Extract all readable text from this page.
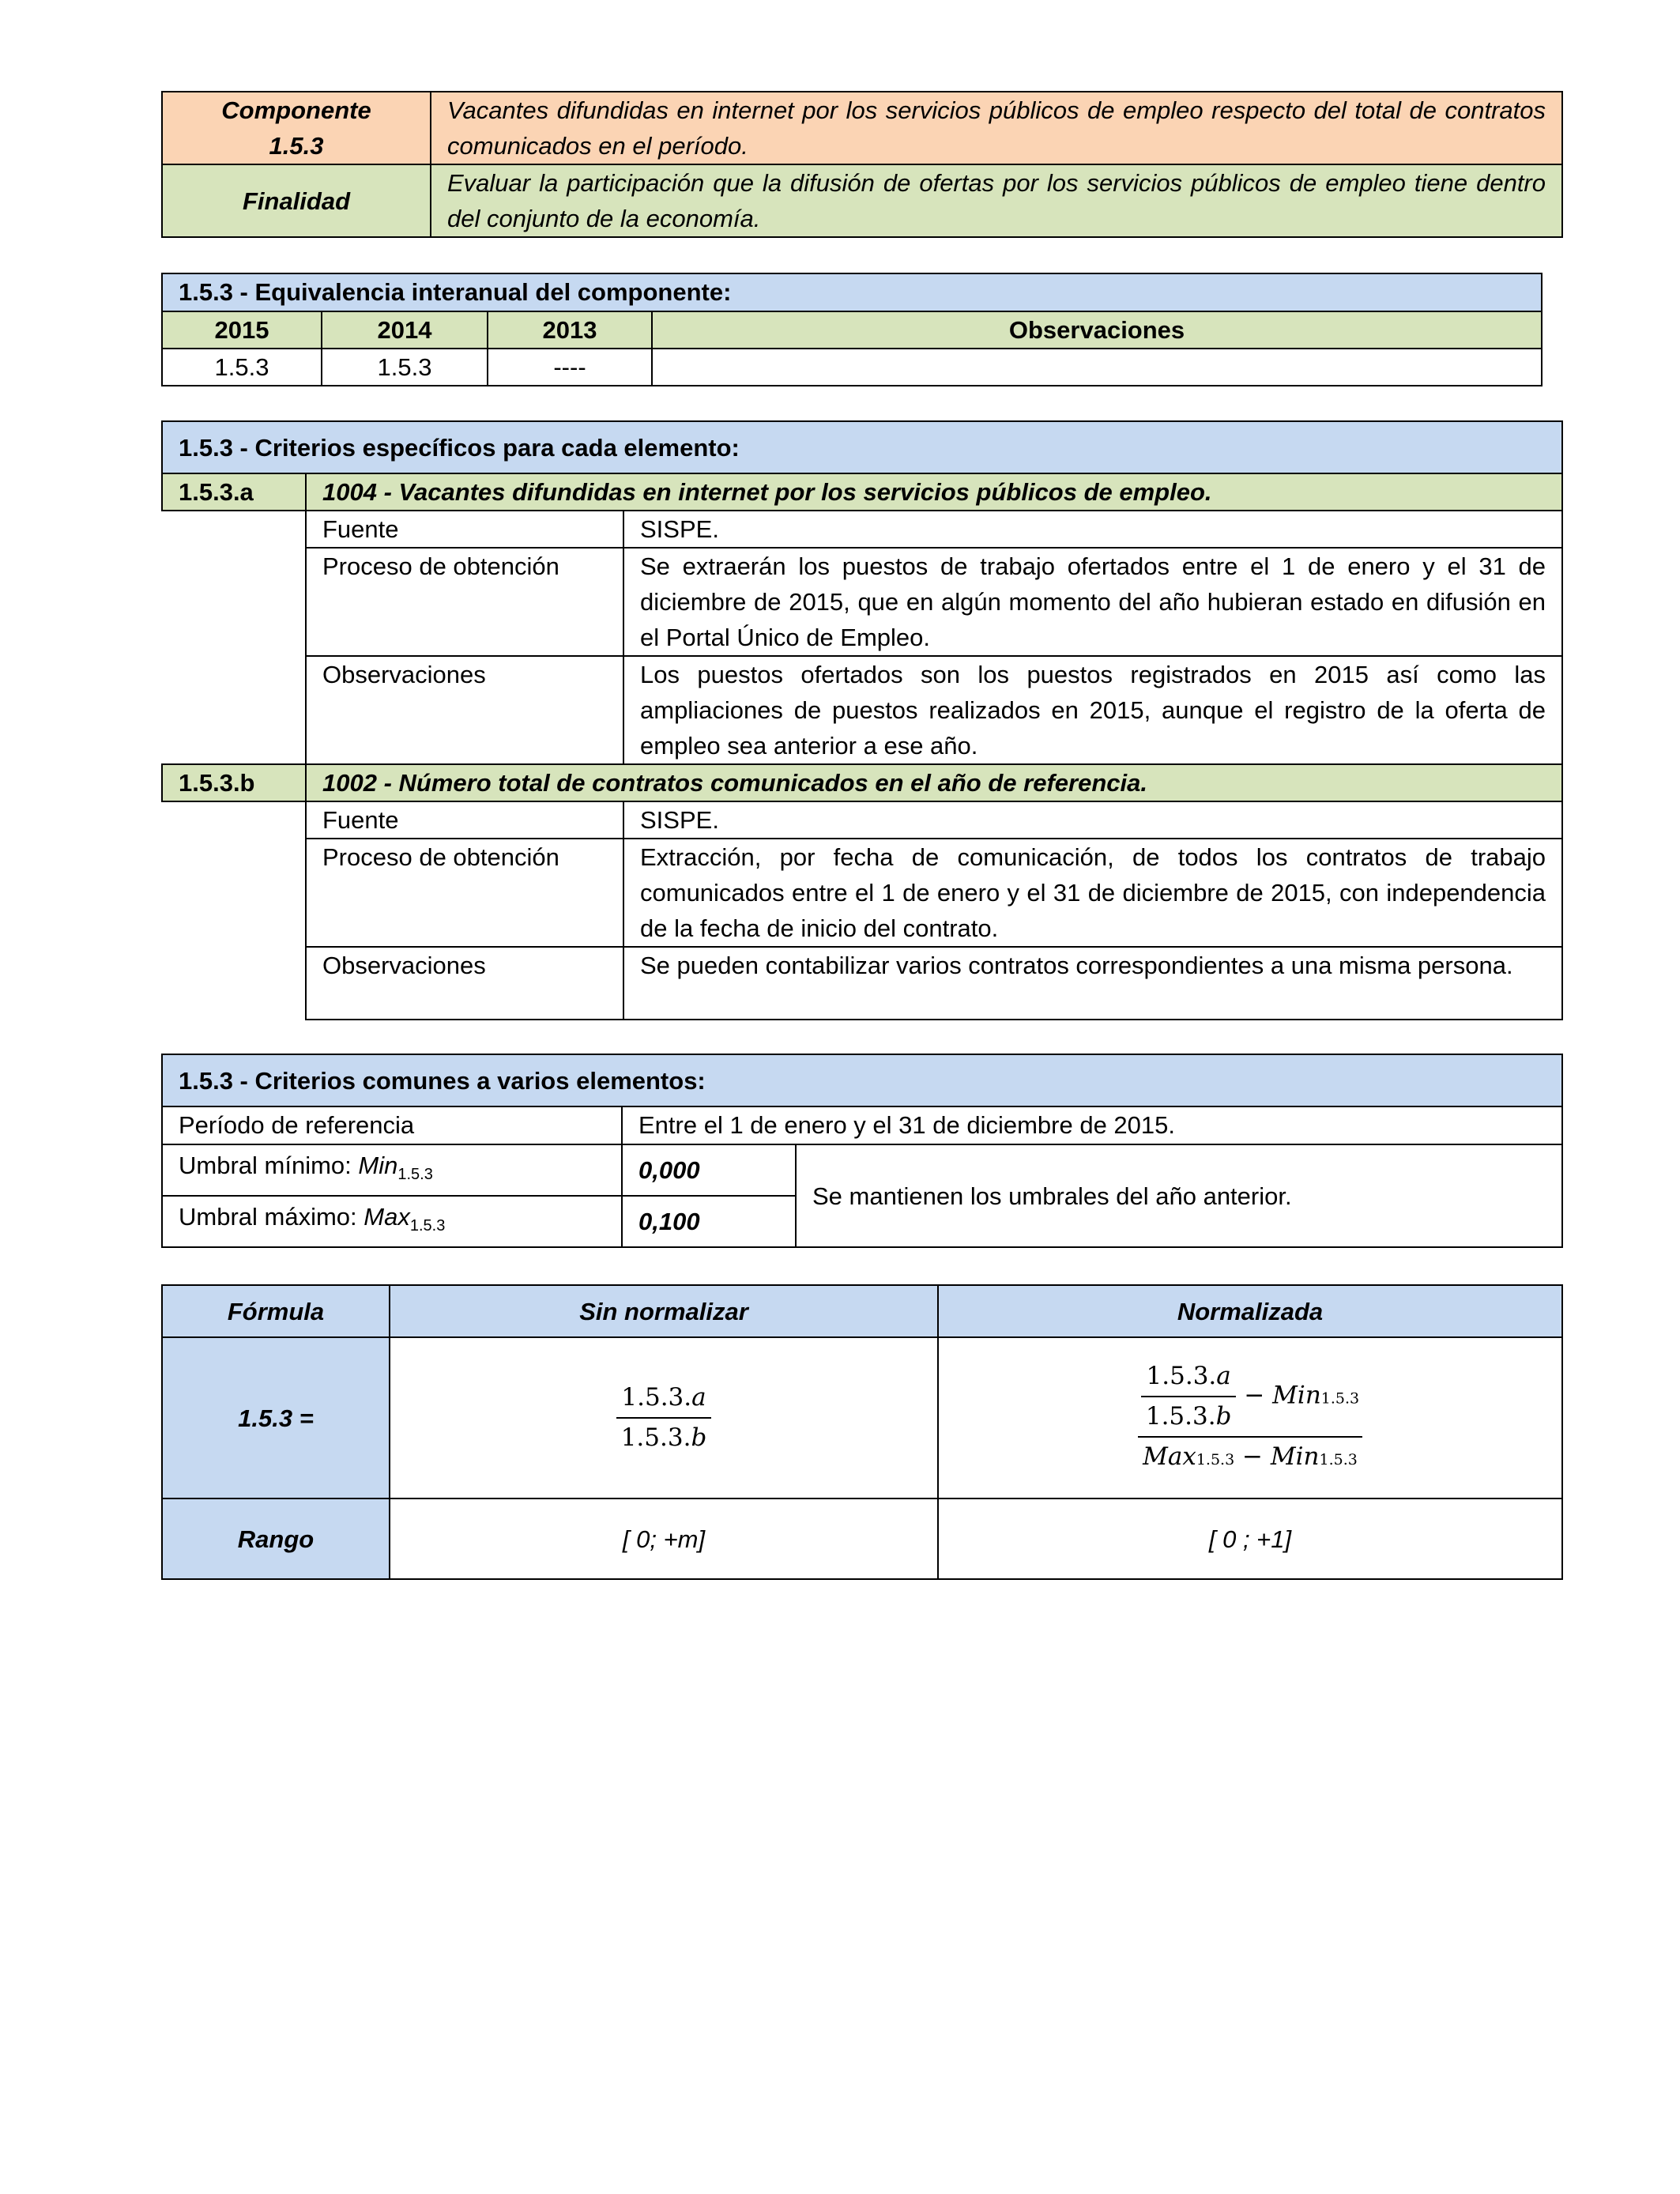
Componente
1.5.3	Vacantes difundidas en internet por los servicios públicos de empleo respecto del total de contratos comunicados en el período.
Finalidad	Evaluar la participación que la difusión de ofertas por los servicios públicos de empleo tiene dentro del conjunto de la economía.
1.5.3 - Equivalencia interanual del componente:			
2015	2014	2013	Observaciones
1.5.3	1.5.3	----	
1.5.3 - Criterios específicos para cada elemento:		
1.5.3.a	1004 - Vacantes difundidas en internet por los servicios públicos de empleo.	
	Fuente	SISPE.
	Proceso de obtención	Se extraerán los puestos de trabajo ofertados entre el 1 de enero y el 31 de diciembre de 2015, que en algún momento del año hubieran estado en difusión en el Portal Único de Empleo.
	Observaciones	Los puestos ofertados son los puestos registrados en 2015 así como las ampliaciones de puestos realizados en 2015, aunque el registro de la oferta de empleo sea anterior a ese año.
1.5.3.b	1002 - Número total de contratos comunicados en el año de referencia.	
	Fuente	SISPE.
	Proceso de obtención	Extracción, por fecha de comunicación, de todos los contratos de trabajo comunicados entre el 1 de enero y el 31 de diciembre de 2015, con independencia de la fecha de inicio del contrato.
	Observaciones	Se pueden contabilizar varios contratos correspondientes a una misma persona.
1.5.3 - Criterios comunes a varios elementos:		
Período de referencia	Entre el 1 de enero y el 31 de diciembre de 2015.	
Umbral mínimo: Min$_{1.5.3}$	0,000	Se mantienen los umbrales del año anterior.
Umbral máximo: Max$_{1.5.3}$	0,100	
Fórmula	Sin normalizar	Normalizada
1.5.3 =	$\frac{1.5.3.a}{1.5.3.b}$	$\frac{1.5.3.a}{1.5.3.b} - Min1.5.3$
Max1.5.3 − Min1.5.3

Rango	[ 0; +m]	[ 0 ; +1]
